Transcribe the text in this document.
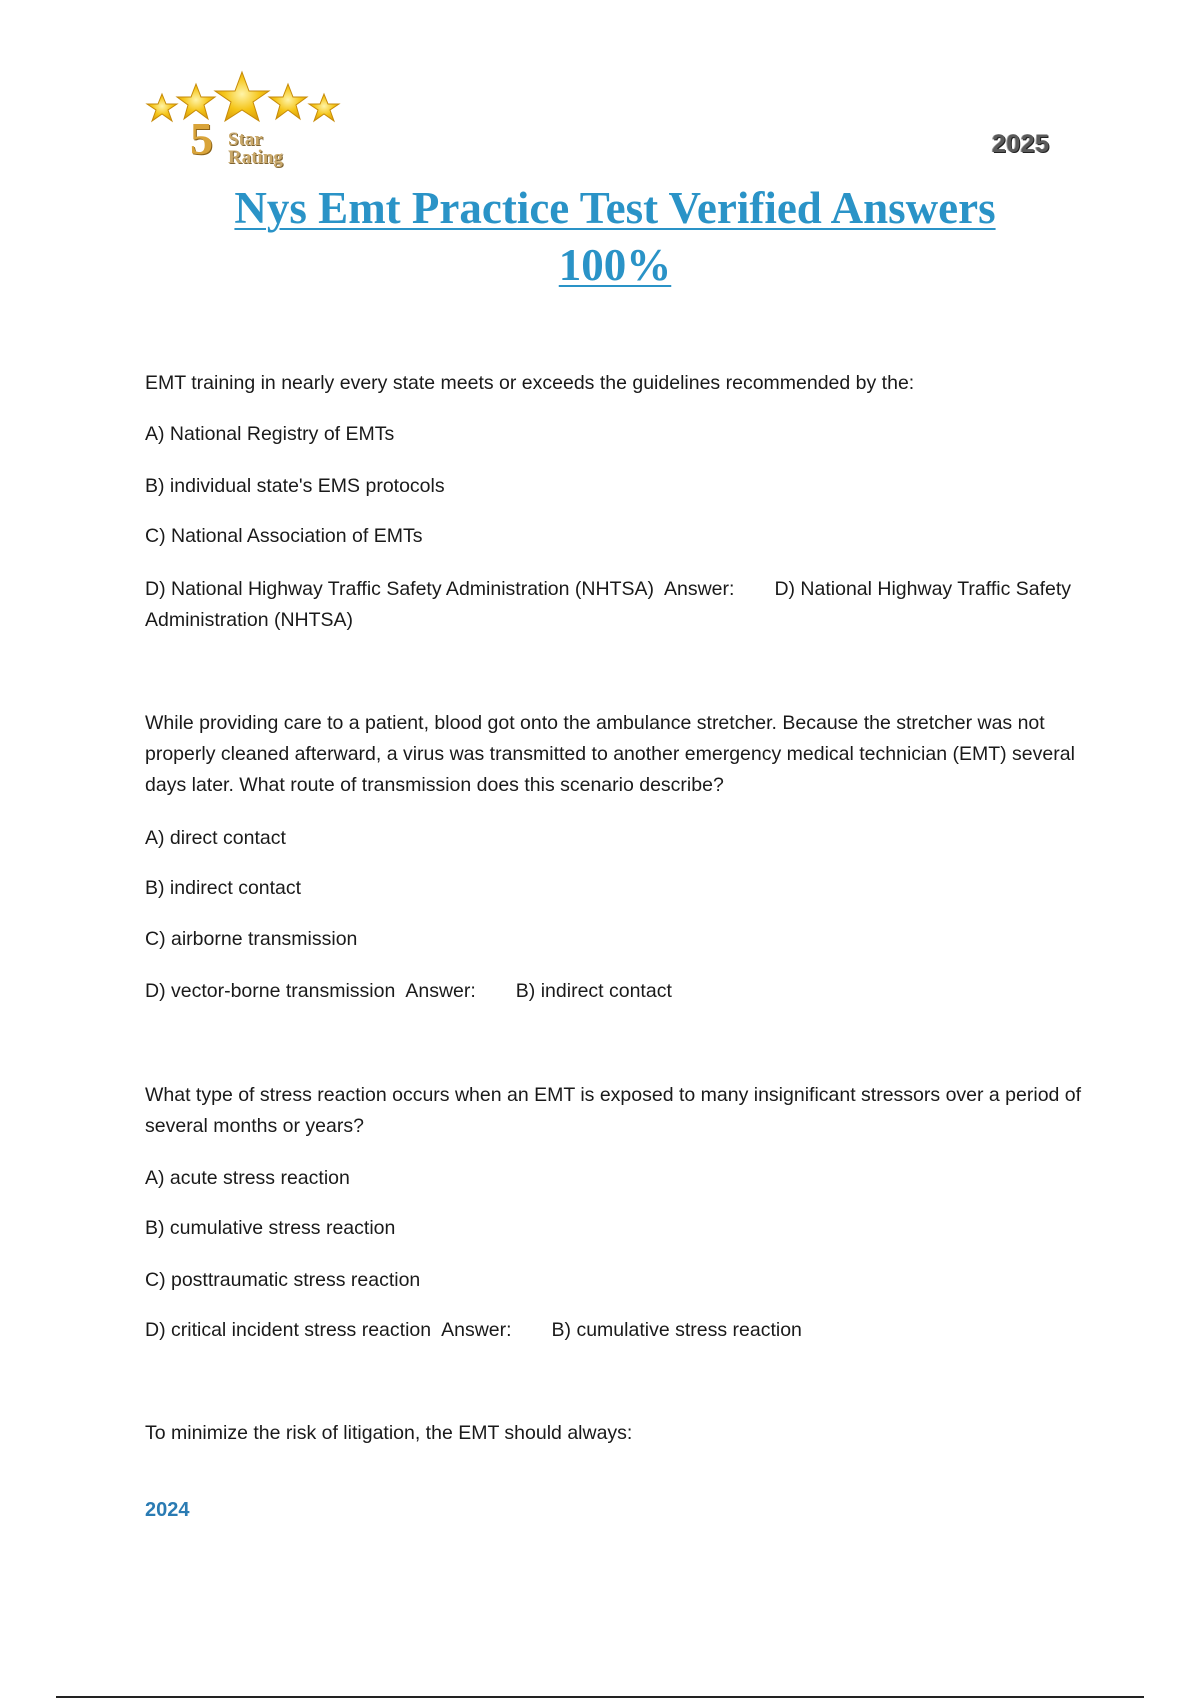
5 Star
Rating	2025
Nys Emt Practice Test Verified Answers
100%

EMT training in nearly every state meets or exceeds the guidelines recommended by the:

A) National Registry of EMTs

B) individual state's EMS protocols

C) National Association of EMTs

D) National Highway Traffic Safety Administration (NHTSA) Answer: D) National Highway Traffic Safety Administration (NHTSA)

While providing care to a patient, blood got onto the ambulance stretcher. Because the stretcher was not properly cleaned afterward, a virus was transmitted to another emergency medical technician (EMT) several days later. What route of transmission does this scenario describe?

A) direct contact

B) indirect contact

C) airborne transmission

D) vector-borne transmission Answer: B) indirect contact

What type of stress reaction occurs when an EMT is exposed to many insignificant stressors over a period of several months or years?

A) acute stress reaction

B) cumulative stress reaction

C) posttraumatic stress reaction

D) critical incident stress reaction Answer: B) cumulative stress reaction

To minimize the risk of litigation, the EMT should always:

2024
